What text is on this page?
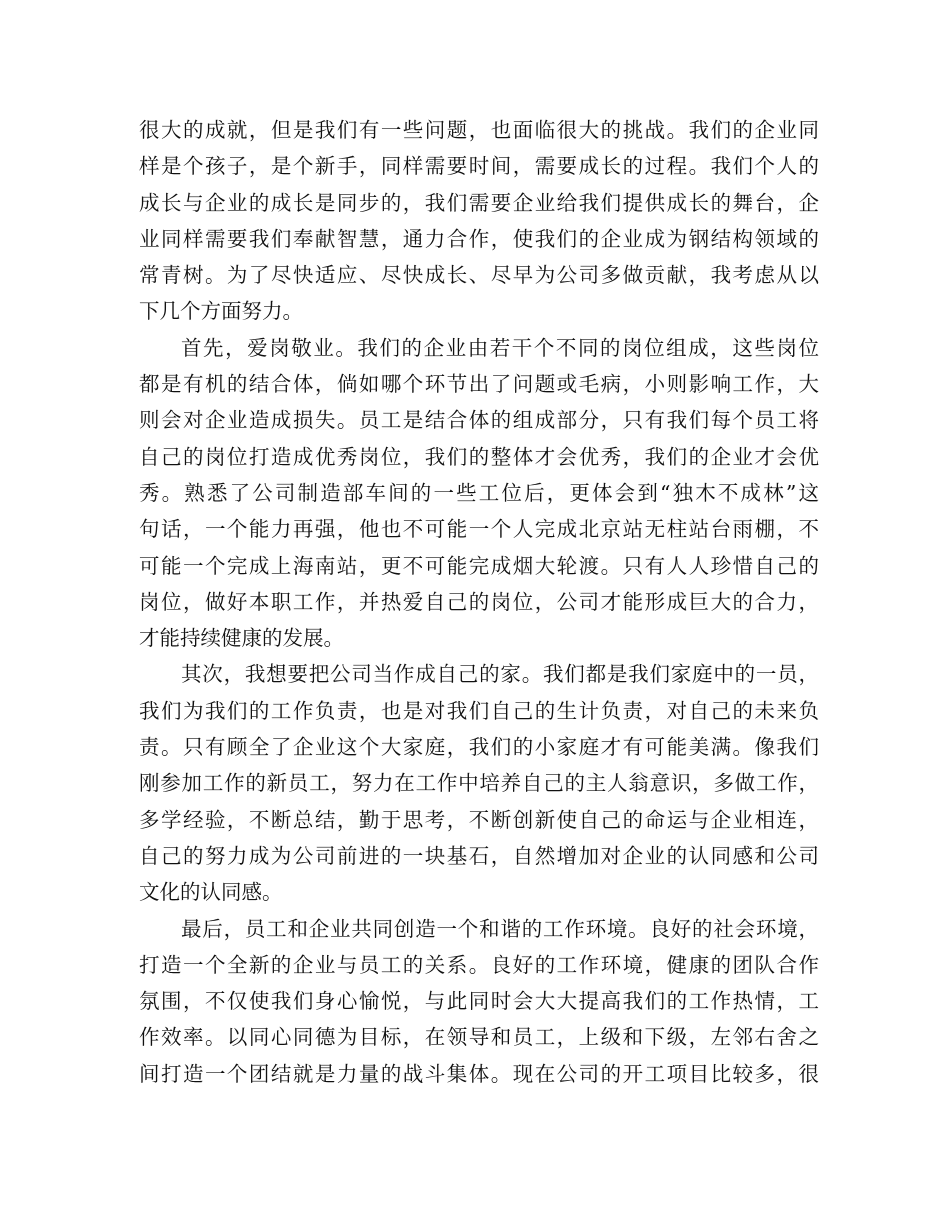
很大的成就，但是我们有一些问题，也面临很大的挑战。我们的企业同
样是个孩子，是个新手，同样需要时间，需要成长的过程。我们个人的
成长与企业的成长是同步的，我们需要企业给我们提供成长的舞台，企
业同样需要我们奉献智慧，通力合作，使我们的企业成为钢结构领域的
常青树。为了尽快适应、尽快成长、尽早为公司多做贡献，我考虑从以
下几个方面努力。
首先，爱岗敬业。我们的企业由若干个不同的岗位组成，这些岗位
都是有机的结合体，倘如哪个环节出了问题或毛病，小则影响工作，大
则会对企业造成损失。员工是结合体的组成部分，只有我们每个员工将
自己的岗位打造成优秀岗位，我们的整体才会优秀，我们的企业才会优
秀。熟悉了公司制造部车间的一些工位后，更体会到“独木不成林”这
句话，一个能力再强，他也不可能一个人完成北京站无柱站台雨棚，不
可能一个完成上海南站，更不可能完成烟大轮渡。只有人人珍惜自己的
岗位，做好本职工作，并热爱自己的岗位，公司才能形成巨大的合力，
才能持续健康的发展。
其次，我想要把公司当作成自己的家。我们都是我们家庭中的一员，
我们为我们的工作负责，也是对我们自己的生计负责，对自己的未来负
责。只有顾全了企业这个大家庭，我们的小家庭才有可能美满。像我们
刚参加工作的新员工，努力在工作中培养自己的主人翁意识，多做工作，
多学经验，不断总结，勤于思考，不断创新使自己的命运与企业相连，
自己的努力成为公司前进的一块基石，自然增加对企业的认同感和公司
文化的认同感。
最后，员工和企业共同创造一个和谐的工作环境。良好的社会环境，
打造一个全新的企业与员工的关系。良好的工作环境，健康的团队合作
氛围，不仅使我们身心愉悦，与此同时会大大提高我们的工作热情，工
作效率。以同心同德为目标，在领导和员工，上级和下级，左邻右舍之
间打造一个团结就是力量的战斗集体。现在公司的开工项目比较多，很
